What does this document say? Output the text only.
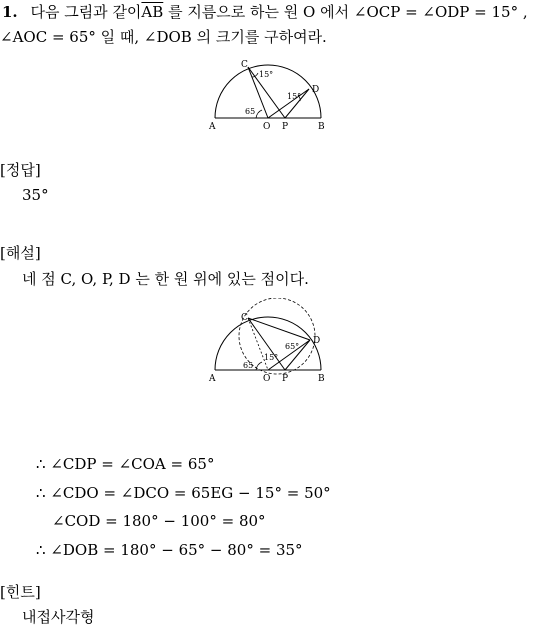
1. 다음 그림과 같이$\overline{AB}$ 를 지름으로 하는 원 O 에서 ∠OCP = ∠ODP = 15° ,
∠AOC = 65° 일 때, ∠DOB 의 크기를 구하여라.
C
D
A	O P	B
15°
15°
65
[정답]
35°
[해설]
네 점 C, O, P, D 는 한 원 위에 있는 점이다.
C
D
A	O P	B
65
15°
65°
∴ ∠CDP = ∠COA = 65°
∴ ∠CDO = ∠DCO = 65EG − 15° = 50°
∠COD = 180° − 100° = 80°
∴ ∠DOB = 180° − 65° − 80° = 35°
[힌트]
내접사각형
